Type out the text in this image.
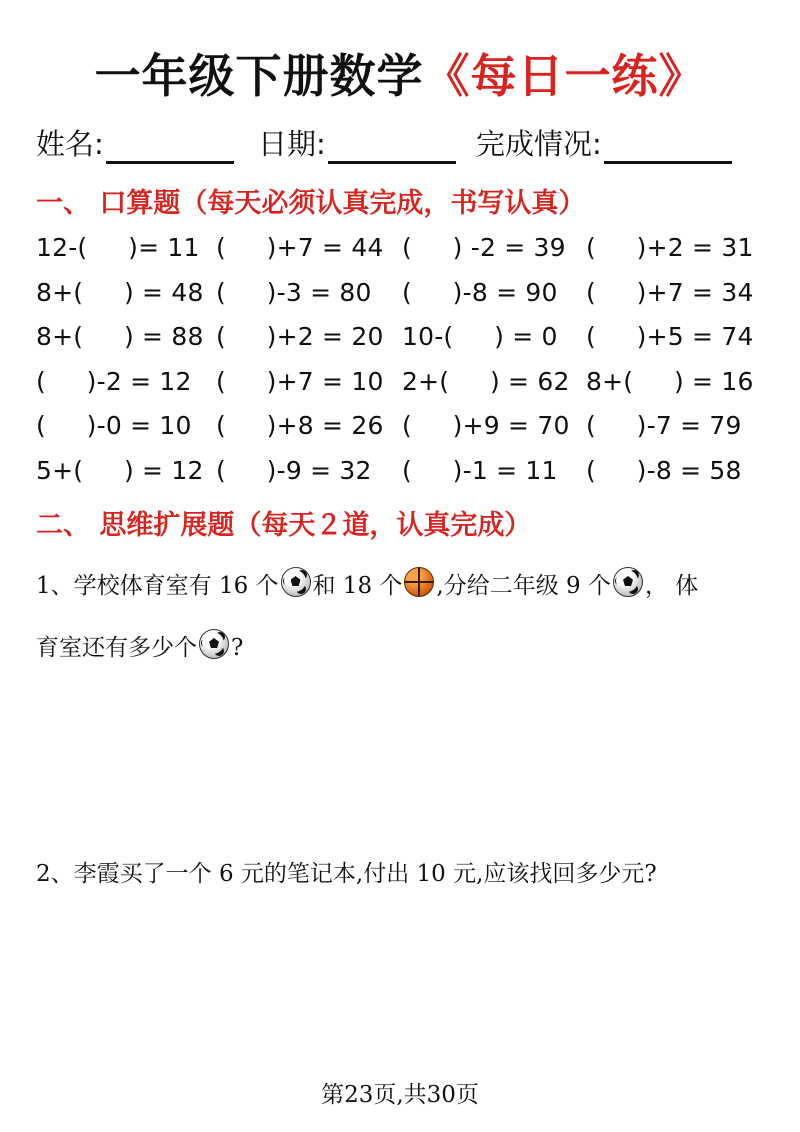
一年级下册数学《每日一练》
姓名:	日期:	完成情况:
一、 口算题（每天必须认真完成，书写认真）
12-(     )= 11 (     )+7 = 44 (     ) -2 = 39 (     )+2 = 31
8+(     ) = 48 (     )-3 = 80 (     )-8 = 90 (     )+7 = 34
8+(     ) = 88 (     )+2 = 20 10-(     ) = 0 (     )+5 = 74
(     )-2 = 12 (     )+7 = 10 2+(     ) = 62 8+(     ) = 16
(     )-0 = 10 (     )+8 = 26 (     )+9 = 70 (     )-7 = 79
5+(     ) = 12 (     )-9 = 32 (     )-1 = 11 (     )-8 = 58
二、 思维扩展题（每天２道，认真完成）
1、学校体育室有 16 个 和 18 个 ,分给二年级 9 个 ， 体
育室还有多少个 ?
2、李霞买了一个 6 元的笔记本,付出 10 元,应该找回多少元?
第23页,共30页
